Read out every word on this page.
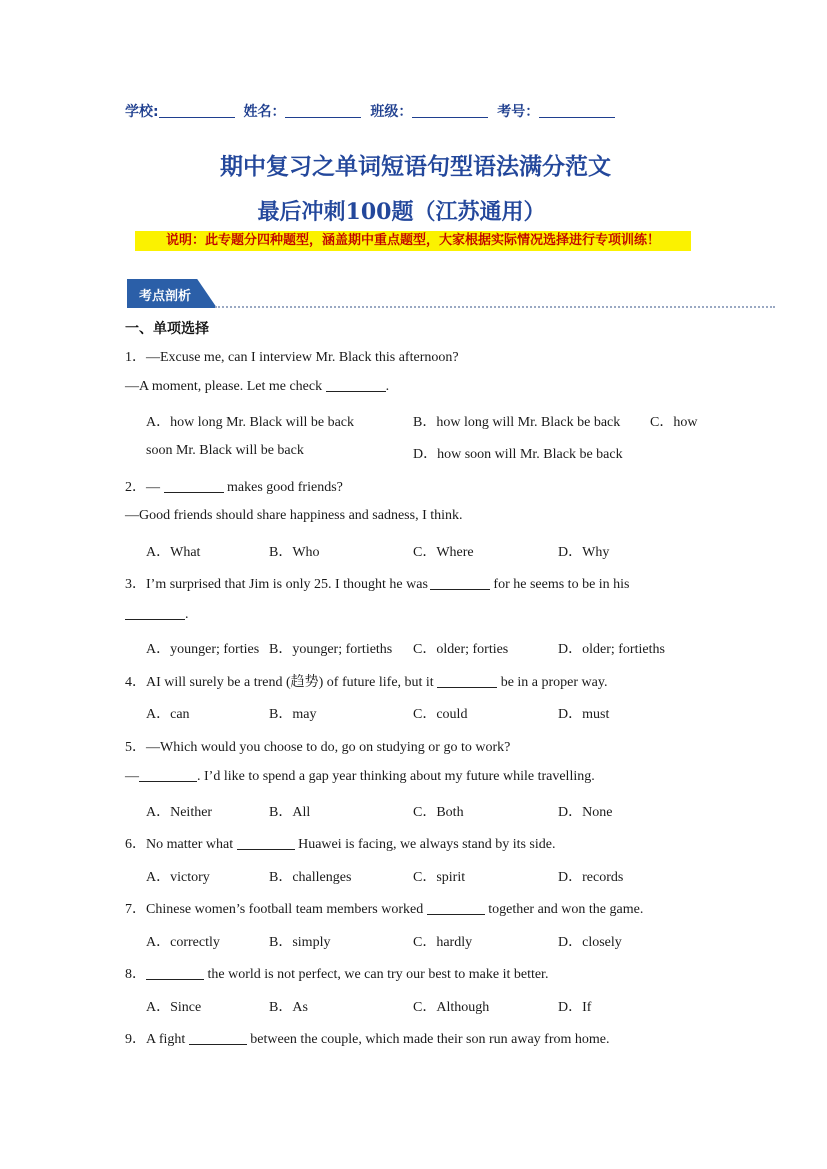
学校:	姓名：	班级：	考号：
期中复习之单词短语句型语法满分范文
最后冲刺100题（江苏通用）
说明：此专题分四种题型，涵盖期中重点题型，大家根据实际情况选择进行专项训练！
考点剖析
一、单项选择
1．—Excuse me, can I interview Mr. Black this afternoon?
—A moment, please. Let me check	.
A．how long Mr. Black will be back	B．how long will Mr. Black be back C．how
soon Mr. Black will be back	D．how soon will Mr. Black be back
2．—	makes good friends?
—Good friends should share happiness and sadness, I think.
A．What	B．Who	C．Where	D．Why
3．I’m surprised that Jim is only 25. I thought he was	for he seems to be in his
.
A．younger; forties B．younger; fortieths C．older; forties	D．older; fortieths
4．AI will surely be a trend (趋势) of future life, but it	be in a proper way.
A．can	B．may	C．could	D．must
5．—Which would you choose to do, go on studying or go to work?
—	. I’d like to spend a gap year thinking about my future while travelling.
A．Neither	B．All	C．Both	D．None
6．No matter what	Huawei is facing, we always stand by its side.
A．victory	B．challenges	C．spirit	D．records
7．Chinese women’s football team members worked	together and won the game.
A．correctly	B．simply	C．hardly	D．closely
8．	the world is not perfect, we can try our best to make it better.
A．Since	B．As	C．Although	D．If
9．A fight	between the couple, which made their son run away from home.
